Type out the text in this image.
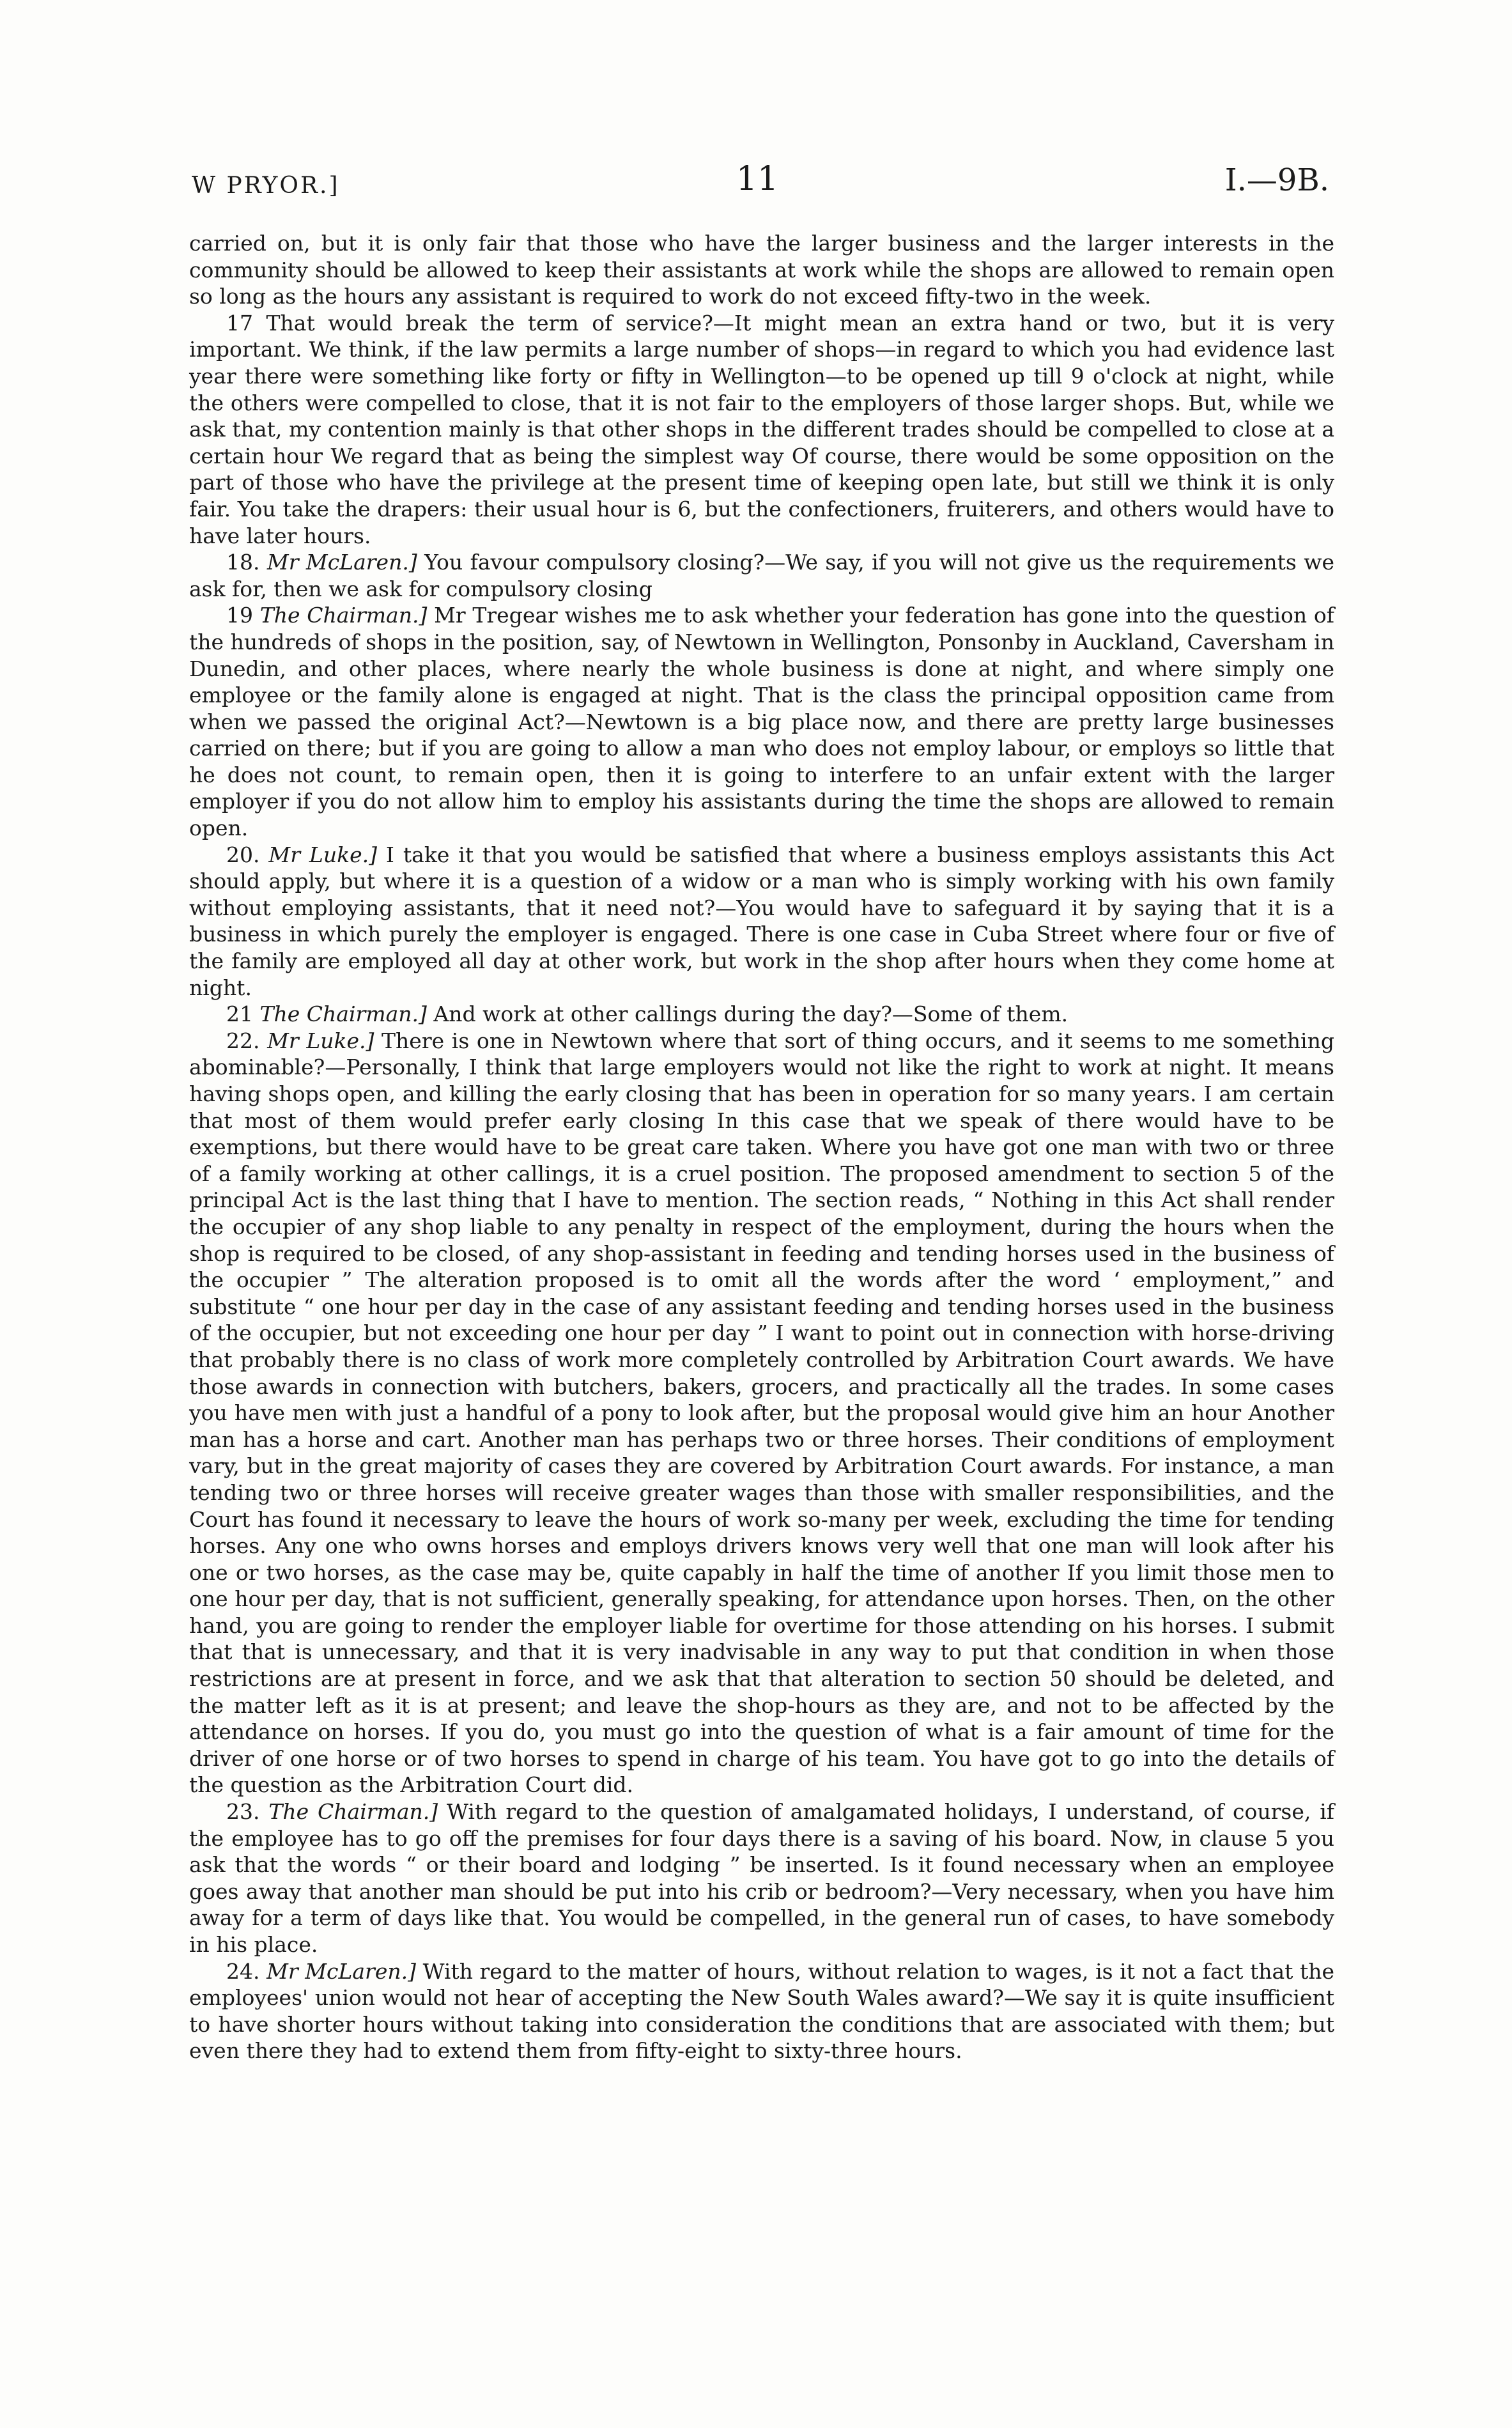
W PRYOR.]	11	I.—9B.

carried on, but it is only fair that those who have the larger business and the larger interests in the community should be allowed to keep their assistants at work while the shops are allowed to remain open so long as the hours any assistant is required to work do not exceed fifty-two in the week.

17 That would break the term of service?—It might mean an extra hand or two, but it is very important. We think, if the law permits a large number of shops—in regard to which you had evidence last year there were something like forty or fifty in Wellington—to be opened up till 9 o'clock at night, while the others were compelled to close, that it is not fair to the employers of those larger shops. But, while we ask that, my contention mainly is that other shops in the different trades should be compelled to close at a certain hour We regard that as being the simplest way Of course, there would be some opposition on the part of those who have the privilege at the present time of keeping open late, but still we think it is only fair. You take the drapers: their usual hour is 6, but the confectioners, fruiterers, and others would have to have later hours.

18. Mr McLaren.] You favour compulsory closing?—We say, if you will not give us the requirements we ask for, then we ask for compulsory closing

19 The Chairman.] Mr Tregear wishes me to ask whether your federation has gone into the question of the hundreds of shops in the position, say, of Newtown in Wellington, Ponsonby in Auckland, Caversham in Dunedin, and other places, where nearly the whole business is done at night, and where simply one employee or the family alone is engaged at night. That is the class the principal opposition came from when we passed the original Act?—Newtown is a big place now, and there are pretty large businesses carried on there; but if you are going to allow a man who does not employ labour, or employs so little that he does not count, to remain open, then it is going to interfere to an unfair extent with the larger employer if you do not allow him to employ his assistants during the time the shops are allowed to remain open.

20. Mr Luke.] I take it that you would be satisfied that where a business employs assistants this Act should apply, but where it is a question of a widow or a man who is simply working with his own family without employing assistants, that it need not?—You would have to safeguard it by saying that it is a business in which purely the employer is engaged. There is one case in Cuba Street where four or five of the family are employed all day at other work, but work in the shop after hours when they come home at night.

21 The Chairman.] And work at other callings during the day?—Some of them.

22. Mr Luke.] There is one in Newtown where that sort of thing occurs, and it seems to me something abominable?—Personally, I think that large employers would not like the right to work at night. It means having shops open, and killing the early closing that has been in operation for so many years. I am certain that most of them would prefer early closing In this case that we speak of there would have to be exemptions, but there would have to be great care taken. Where you have got one man with two or three of a family working at other callings, it is a cruel position. The proposed amendment to section 5 of the principal Act is the last thing that I have to mention. The section reads, “ Nothing in this Act shall render the occupier of any shop liable to any penalty in respect of the employment, during the hours when the shop is required to be closed, of any shop-assistant in feeding and tending horses used in the business of the occupier ” The alteration proposed is to omit all the words after the word ‘ employment,” and substitute “ one hour per day in the case of any assistant feeding and tending horses used in the business of the occupier, but not exceeding one hour per day ” I want to point out in connection with horse-driving that probably there is no class of work more completely controlled by Arbitration Court awards. We have those awards in connection with butchers, bakers, grocers, and practically all the trades. In some cases you have men with just a handful of a pony to look after, but the proposal would give him an hour Another man has a horse and cart. Another man has perhaps two or three horses. Their conditions of employment vary, but in the great majority of cases they are covered by Arbitration Court awards. For instance, a man tending two or three horses will receive greater wages than those with smaller responsibilities, and the Court has found it necessary to leave the hours of work so-many per week, excluding the time for tending horses. Any one who owns horses and employs drivers knows very well that one man will look after his one or two horses, as the case may be, quite capably in half the time of another If you limit those men to one hour per day, that is not sufficient, generally speaking, for attendance upon horses. Then, on the other hand, you are going to render the employer liable for overtime for those attending on his horses. I submit that that is unnecessary, and that it is very inadvisable in any way to put that condition in when those restrictions are at present in force, and we ask that that alteration to section 50 should be deleted, and the matter left as it is at present; and leave the shop-hours as they are, and not to be affected by the attendance on horses. If you do, you must go into the question of what is a fair amount of time for the driver of one horse or of two horses to spend in charge of his team. You have got to go into the details of the question as the Arbitration Court did.

23. The Chairman.] With regard to the question of amalgamated holidays, I understand, of course, if the employee has to go off the premises for four days there is a saving of his board. Now, in clause 5 you ask that the words “ or their board and lodging ” be inserted. Is it found necessary when an employee goes away that another man should be put into his crib or bedroom?—Very necessary, when you have him away for a term of days like that. You would be compelled, in the general run of cases, to have somebody in his place.

24. Mr McLaren.] With regard to the matter of hours, without relation to wages, is it not a fact that the employees' union would not hear of accepting the New South Wales award?—We say it is quite insufficient to have shorter hours without taking into consideration the conditions that are associated with them; but even there they had to extend them from fifty-eight to sixty-three hours.
